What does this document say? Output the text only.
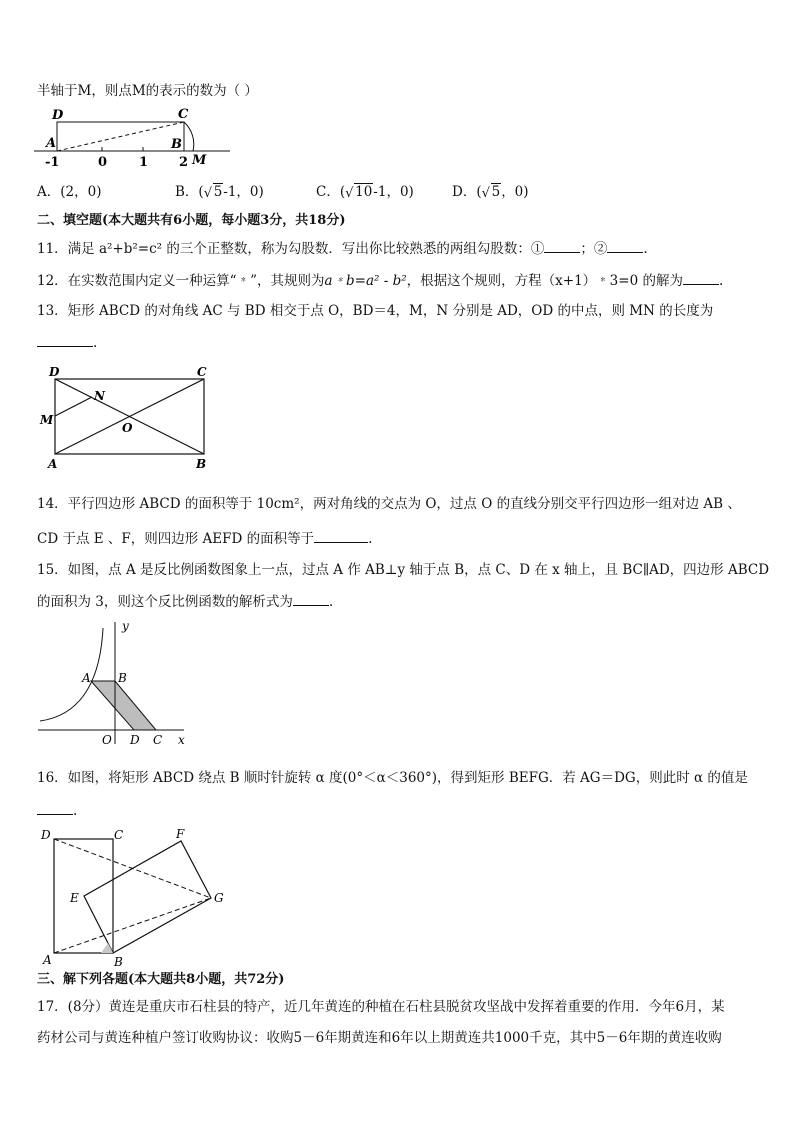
半轴于M，则点M的表示的数为（ ）
D	C
A	B
M
-1	0 1 2
A．(2，0)	B．( √ 5-1，0)	C．( √ 10-1，0)	D．( √ 5，0)
二、填空题(本大题共有6小题，每小题3分，共18分)
11．满足 a²+b²=c² 的三个正整数，称为勾股数．写出你比较熟悉的两组勾股数：①	；②	.
12．在实数范围内定义一种运算“﹡”，其规则为a﹡b=a² - b²，根据这个规则，方程（x+1）﹡3=0 的解为	.
13．矩形 ABCD 的对角线 AC 与 BD 相交于点 O，BD＝4，M，N 分别是 AD，OD 的中点，则 MN 的长度为
.
D	C
M
N
O
A	B
14．平行四边形 ABCD 的面积等于 10cm²，两对角线的交点为 O，过点 O 的直线分别交平行四边形一组对边 AB 、
CD 于点 E 、F，则四边形 AEFD 的面积等于	.
15．如图，点 A 是反比例函数图象上一点，过点 A 作 AB⊥y 轴于点 B，点 C、D 在 x 轴上，且 BC∥AD，四边形 ABCD
的面积为 3，则这个反比例函数的解析式为	.
y
x
A B
O D C
16．如图，将矩形 ABCD 绕点 B 顺时针旋转 α 度(0°＜α＜360°)，得到矩形 BEFG．若 AG＝DG，则此时 α 的值是
.
D	C	F
E	G
A	B
三、解下列各题(本大题共8小题，共72分)
17．(8分）黄连是重庆市石柱县的特产，近几年黄连的种植在石柱县脱贫攻坚战中发挥着重要的作用．今年6月，某
药材公司与黄连种植户签订收购协议：收购5－6年期黄连和6年以上期黄连共1000千克，其中5－6年期的黄连收购
